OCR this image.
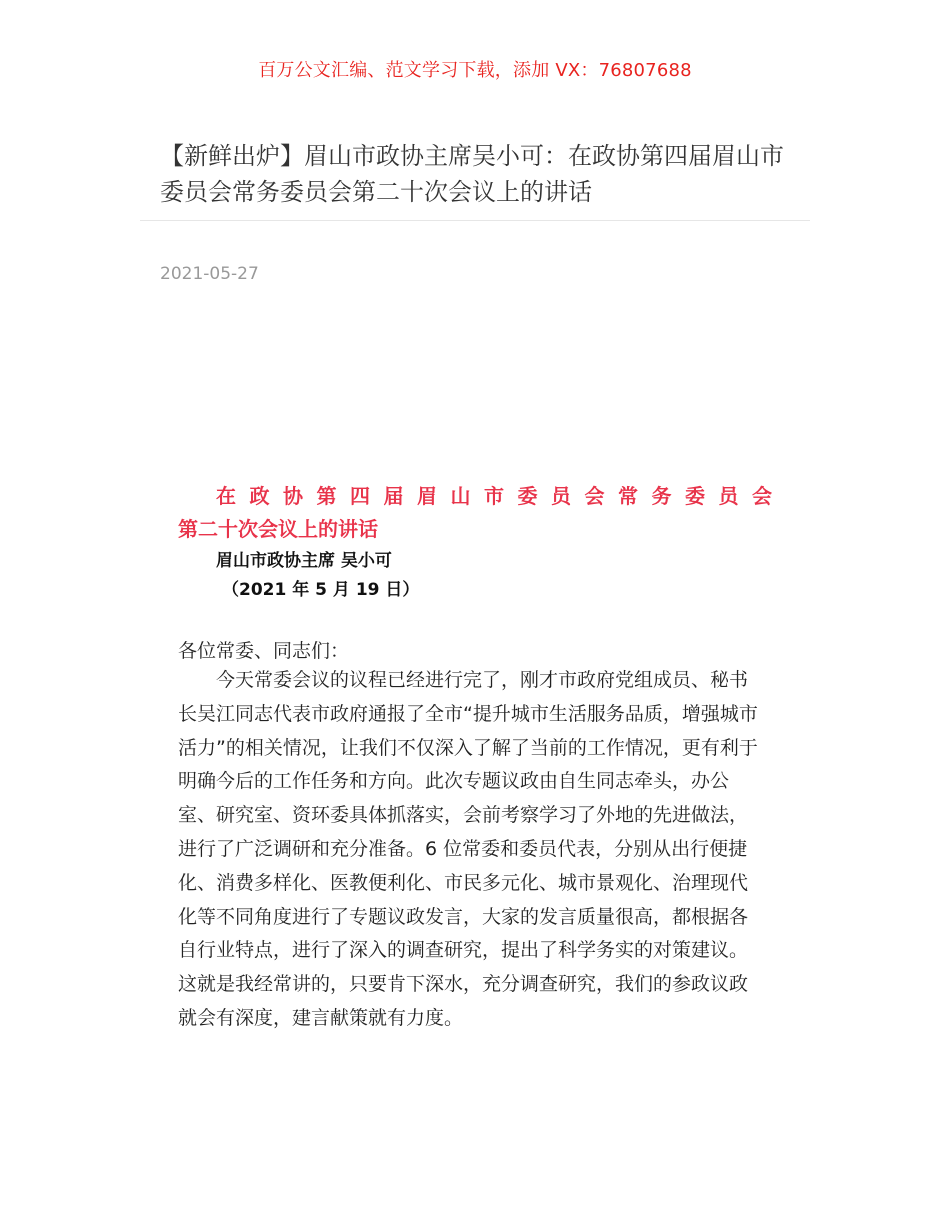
百万公文汇编、范文学习下载，添加 VX：76807688
【新鲜出炉】眉山市政协主席吴小可：在政协第四届眉山市委员会常务委员会第二十次会议上的讲话
2021-05-27
在政协第四届眉山市委员会常务委员会
第二十次会议上的讲话
眉山市政协主席 吴小可
（2021 年 5 月 19 日）
各位常委、同志们：

今天常委会议的议程已经进行完了，刚才市政府党组成员、秘书长吴江同志代表市政府通报了全市“提升城市生活服务品质，增强城市活力”的相关情况，让我们不仅深入了解了当前的工作情况，更有利于明确今后的工作任务和方向。此次专题议政由自生同志牵头，办公室、研究室、资环委具体抓落实，会前考察学习了外地的先进做法，进行了广泛调研和充分准备。6 位常委和委员代表，分别从出行便捷化、消费多样化、医教便利化、市民多元化、城市景观化、治理现代化等不同角度进行了专题议政发言，大家的发言质量很高，都根据各自行业特点，进行了深入的调查研究，提出了科学务实的对策建议。这就是我经常讲的，只要肯下深水，充分调查研究，我们的参政议政就会有深度，建言献策就有力度。
